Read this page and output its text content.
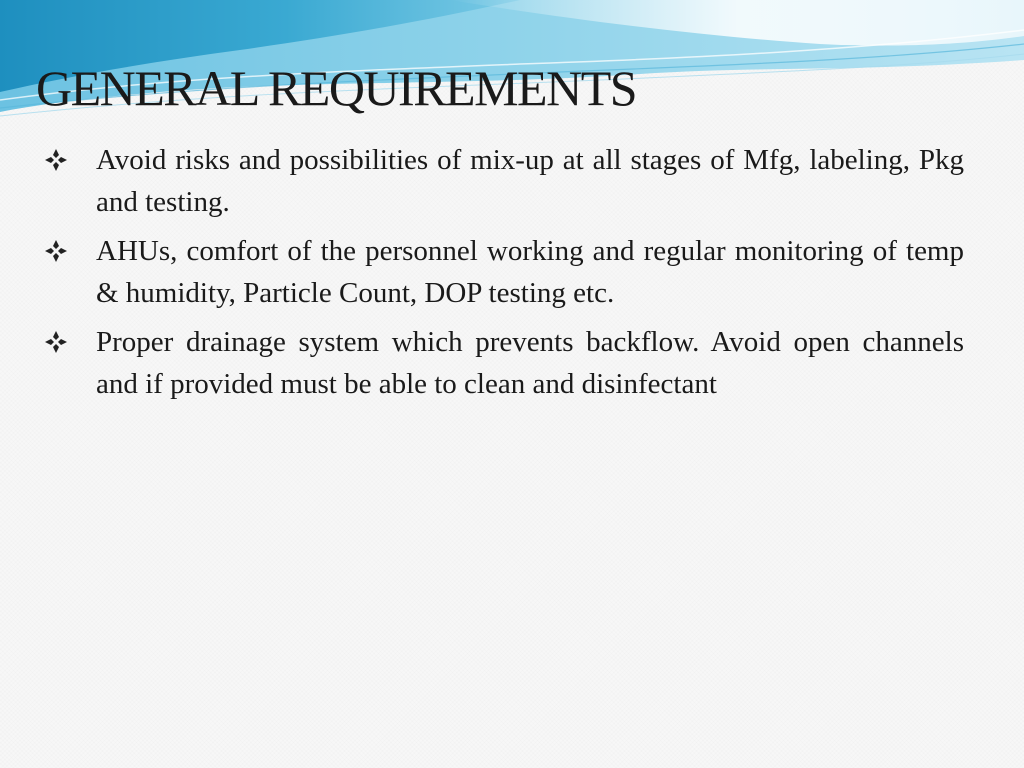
GENERAL REQUIREMENTS
Avoid risks and possibilities of mix-up at all stages of Mfg, labeling, Pkg and testing.
AHUs, comfort of the personnel working and regular monitoring of temp & humidity, Particle Count, DOP testing etc.
Proper drainage system which prevents backflow. Avoid open channels and if provided must be able to clean and disinfectant
